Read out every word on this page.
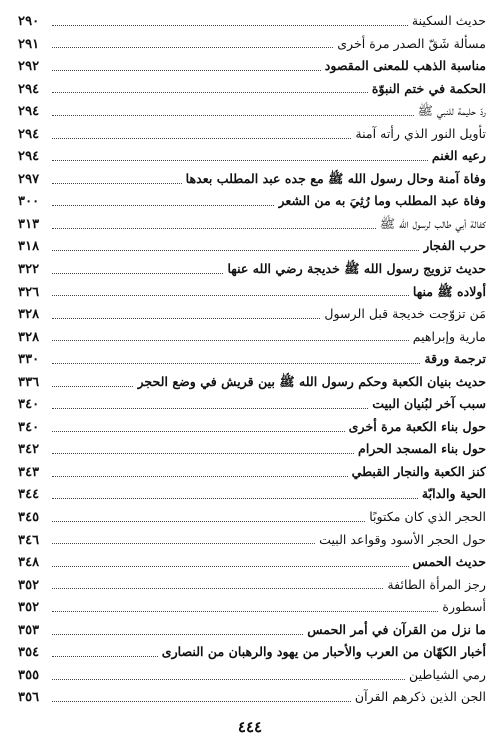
حديث السكينة
٢٩٠
مسألة شَقّ الصدر مرة أخرى
٢٩١
مناسبة الذهب للمعنى المقصود
٢٩٢
الحكمة في ختم النبوّة
٢٩٤
ردّ حليمة للنبي ﷺ
٢٩٤
تأويل النور الذي رأته آمنة
٢٩٤
رعيه الغنم
٢٩٤
وفاة آمنة وحال رسول الله ﷺ مع جده عبد المطلب بعدها
٢٩٧
وفاة عبد المطلب وما رُثِيَ به من الشعر
٣٠٠
كفالة أبي طالب لرسول الله ﷺ
٣١٣
حرب الفجار
٣١٨
حديث تزويج رسول الله ﷺ خديجة رضي الله عنها
٣٢٢
أولاده ﷺ منها
٣٢٦
مَن تزوّجت خديجة قبل الرسول
٣٢٨
مارية وإبراهيم
٣٢٨
ترجمة ورقة
٣٣٠
حديث بنيان الكعبة وحكم رسول الله ﷺ بين قريش في وضع الحجر
٣٣٦
سبب آخر لبُنيان البيت
٣٤٠
حول بناء الكعبة مرة أخرى
٣٤٠
حول بناء المسجد الحرام
٣٤٢
كنز الكعبة والنجار القبطي
٣٤٣
الحية والدابّة
٣٤٤
الحجر الذي كان مكتوبًا
٣٤٥
حول الحجر الأسود وقواعد البيت
٣٤٦
حديث الحمس
٣٤٨
رجز المرأة الطائفة
٣٥٢
أسطورة
٣٥٢
ما نزل من القرآن في أمر الحمس
٣٥٣
أخبار الكهّان من العرب والأحبار من يهود والرهبان من النصارى
٣٥٤
رمي الشياطين
٣٥٥
الجن الذين ذكرهم القرآن
٣٥٦
٤٤٤
